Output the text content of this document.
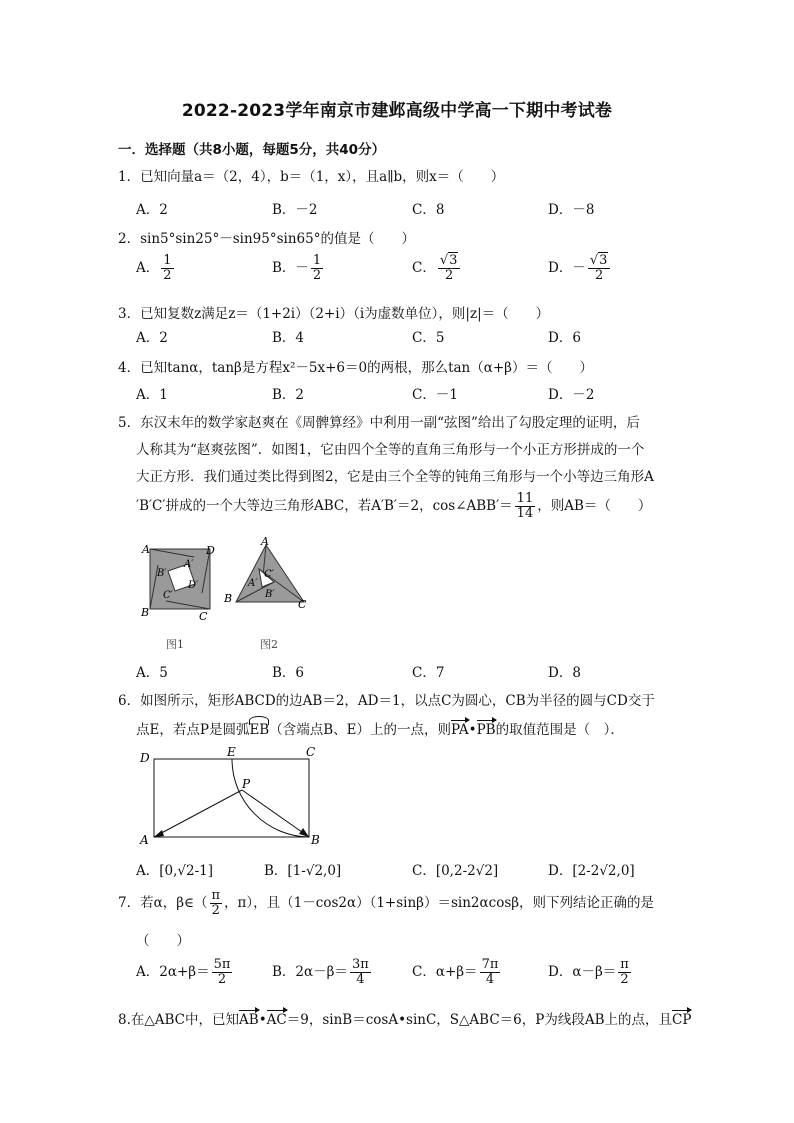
2022-2023学年南京市建邺高级中学高一下期中考试卷
一．选择题（共8小题，每题5分，共40分）
1．已知向量a＝（2，4），b＝（1，x），且a∥b，则x＝（　　）
A．2	B．－2	C．8	D．－8
2．sin5°sin25°－sin95°sin65°的值是（　　）
A． $\frac{1}{2}$	B．－ $\frac{1}{2}$	C． $\frac{√3}{2}$	D．－ $\frac{√3}{2}$
3．已知复数z满足z＝（1+2i）（2+i）（i为虚数单位），则|z|＝（　　）
A．2	B．4	C．5	D．6
4．已知tanα，tanβ是方程x²－5x+6＝0的两根，那么tan（α+β）＝（　　）
A．1	B．2	C．－1	D．－2
5．东汉末年的数学家赵爽在《周髀算经》中利用一副“弦图”给出了勾股定理的证明，后
人称其为“赵爽弦图”．如图1，它由四个全等的直角三角形与一个小正方形拼成的一个
大正方形．我们通过类比得到图2，它是由三个全等的钝角三角形与一个小等边三角形A
′B′C′拼成的一个大等边三角形ABC，若A′B′＝2，cos∠ABB′＝ $\frac{11}{14}$ ，则AB＝（　　）
A	D
B′
C′
D′
A′
B	C
A
C′
A′
B′
B	C
图1	图2
A．5	B．6	C．7	D．8
6．如图所示，矩形ABCD的边AB＝2，AD＝1，以点C为圆心，CB为半径的圆与CD交于
点E，若点P是圆弧EB（含端点B、E）上的一点，则PA•PB的取值范围是（　）．
D	E	C
P
A	B
A．[0,√2-1]	B．[1-√2,0]	C．[0,2-2√2]	D．[2-2√2,0]
7．若α，β∈（ $\frac{\pi}{2}$ ，π），且（1－cos2α）（1+sinβ）＝sin2αcosβ，则下列结论正确的是
（　　）
A．$2\alpha+\beta= \frac{5\pi}{2}$	B．$2\alpha-\beta= \frac{3\pi}{4}$	C．$\alpha+\beta= \frac{7\pi}{4}$	D．$\alpha-\beta= \frac{\pi}{2}$
8.在△ABC中，已知AB•AC＝9，sinB＝cosA•sinC，S△ABC＝6，P为线段AB上的点，且CP
